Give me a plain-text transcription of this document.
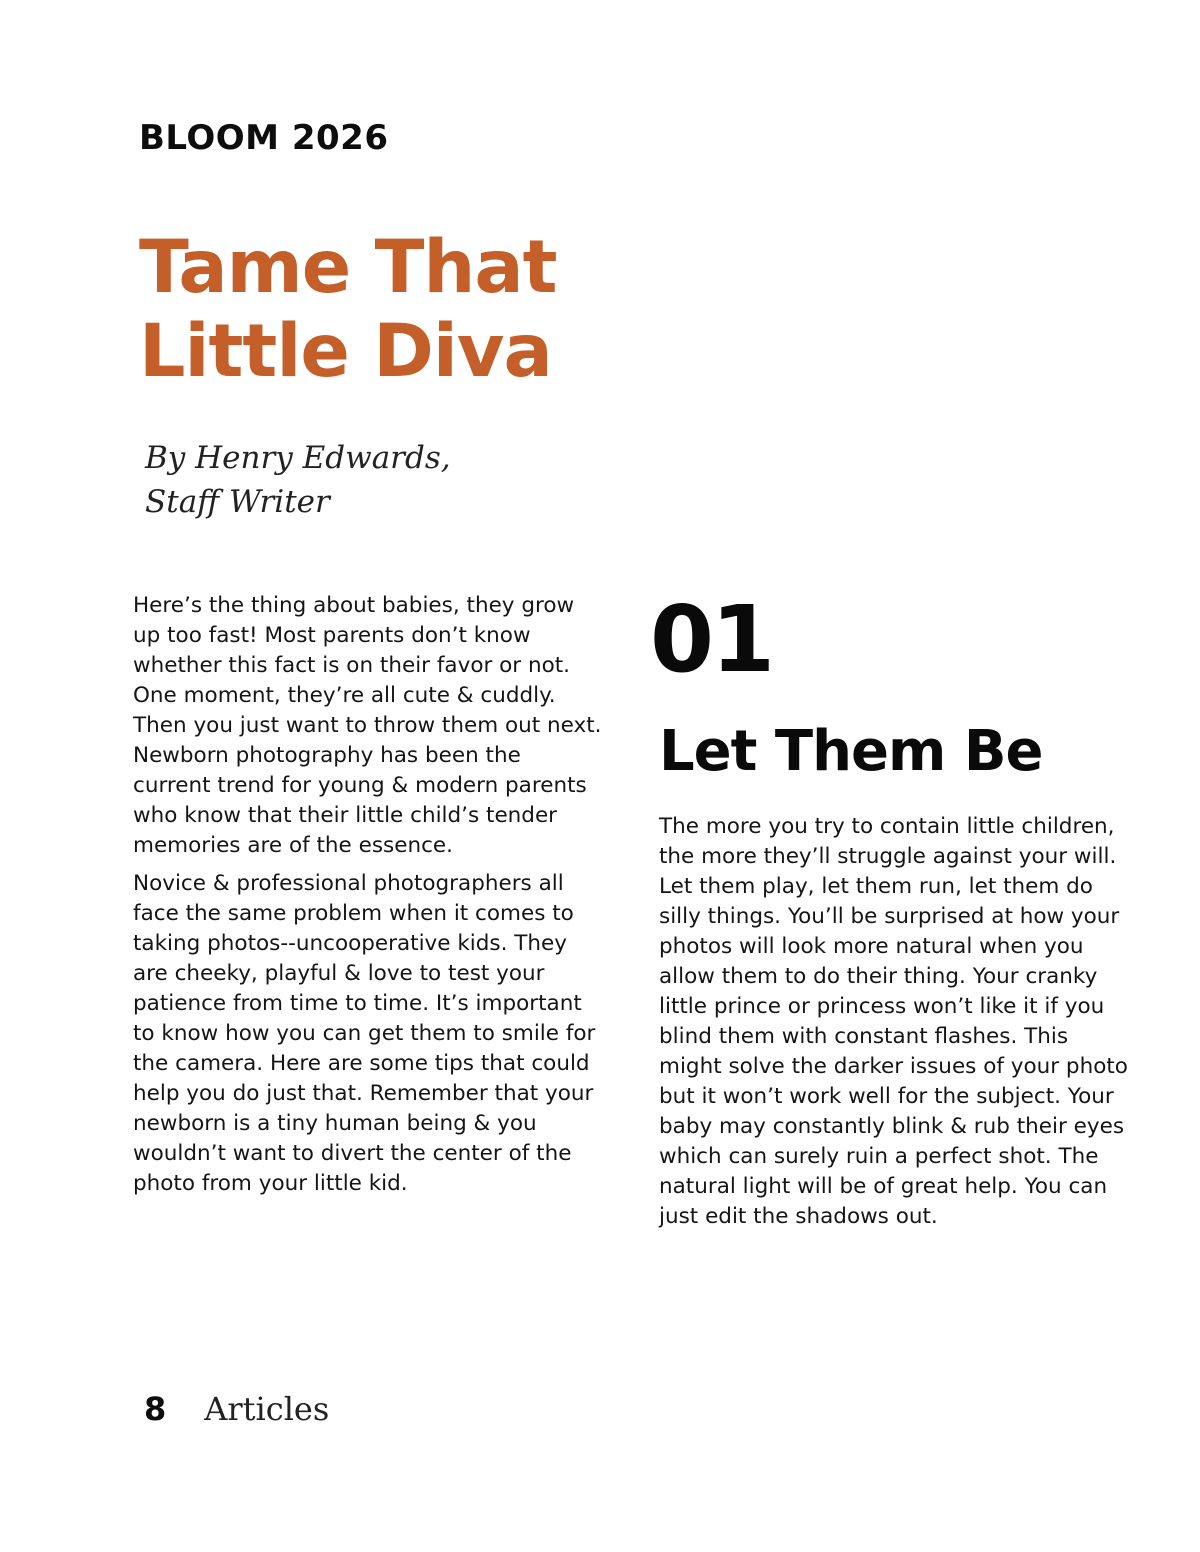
BLOOM 2026
Tame That
Little Diva
By Henry Edwards,
Staff Writer

Here’s the thing about babies, they grow up too fast! Most parents don’t know whether this fact is on their favor or not. One moment, they’re all cute & cuddly. Then you just want to throw them out next. Newborn photography has been the current trend for young & modern parents who know that their little child’s tender memories are of the essence.

Novice & professional photographers all face the same problem when it comes to taking photos--uncooperative kids. They are cheeky, playful & love to test your patience from time to time. It’s important to know how you can get them to smile for the camera. Here are some tips that could help you do just that. Remember that your newborn is a tiny human being & you wouldn’t want to divert the center of the photo from your little kid.

01
Let Them Be

The more you try to contain little children, the more they’ll struggle against your will. Let them play, let them run, let them do silly things. You’ll be surprised at how your photos will look more natural when you allow them to do their thing. Your cranky little prince or princess won’t like it if you blind them with constant flashes. This might solve the darker issues of your photo but it won’t work well for the subject. Your baby may constantly blink & rub their eyes which can surely ruin a perfect shot. The natural light will be of great help. You can just edit the shadows out.

8 Articles
